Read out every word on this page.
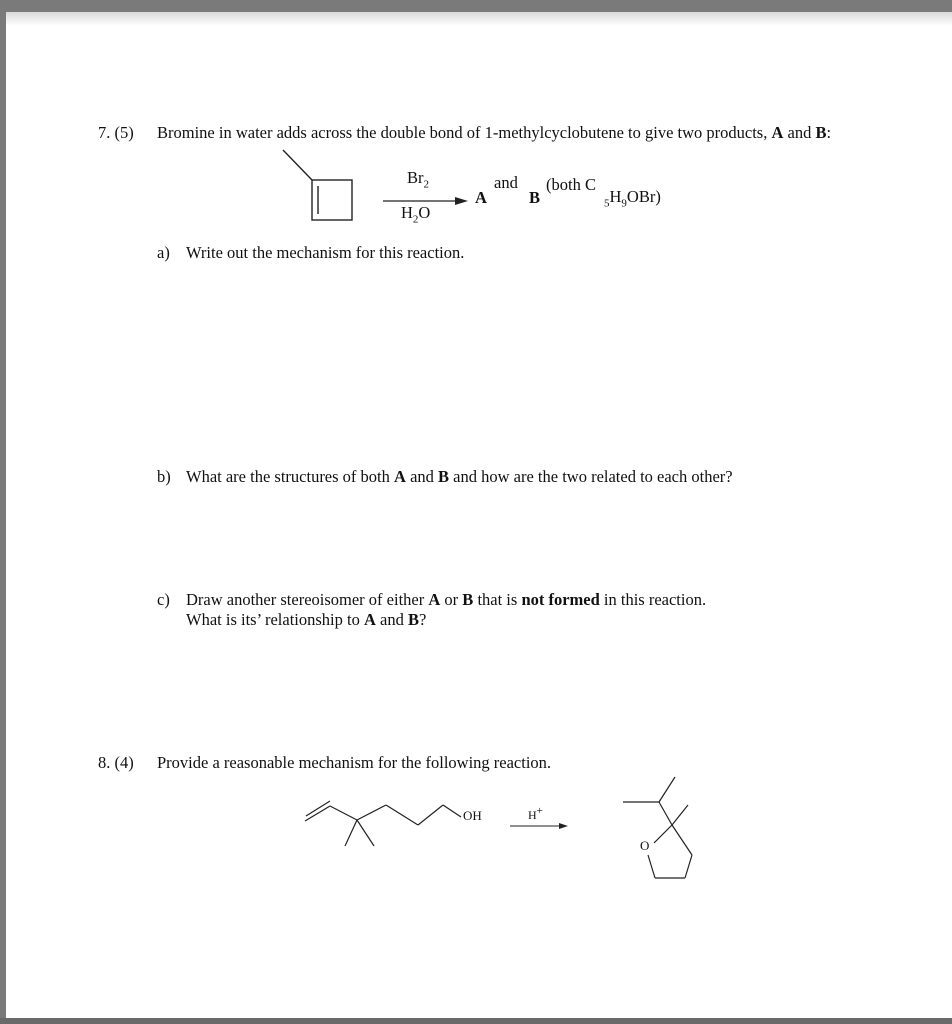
7. (5) Bromine in water adds across the double bond of 1-methylcyclobutene to give two products, A and B:
$Br_2$
$H_2O$
A
and
B
(both C
$_5H_9OBr$)
a) Write out the mechanism for this reaction.
b) What are the structures of both A and B and how are the two related to each other?
c) Draw another stereoisomer of either A or B that is not formed in this reaction.
What is its’ relationship to A and B?
8. (4) Provide a reasonable mechanism for the following reaction.
OH	H+
O
